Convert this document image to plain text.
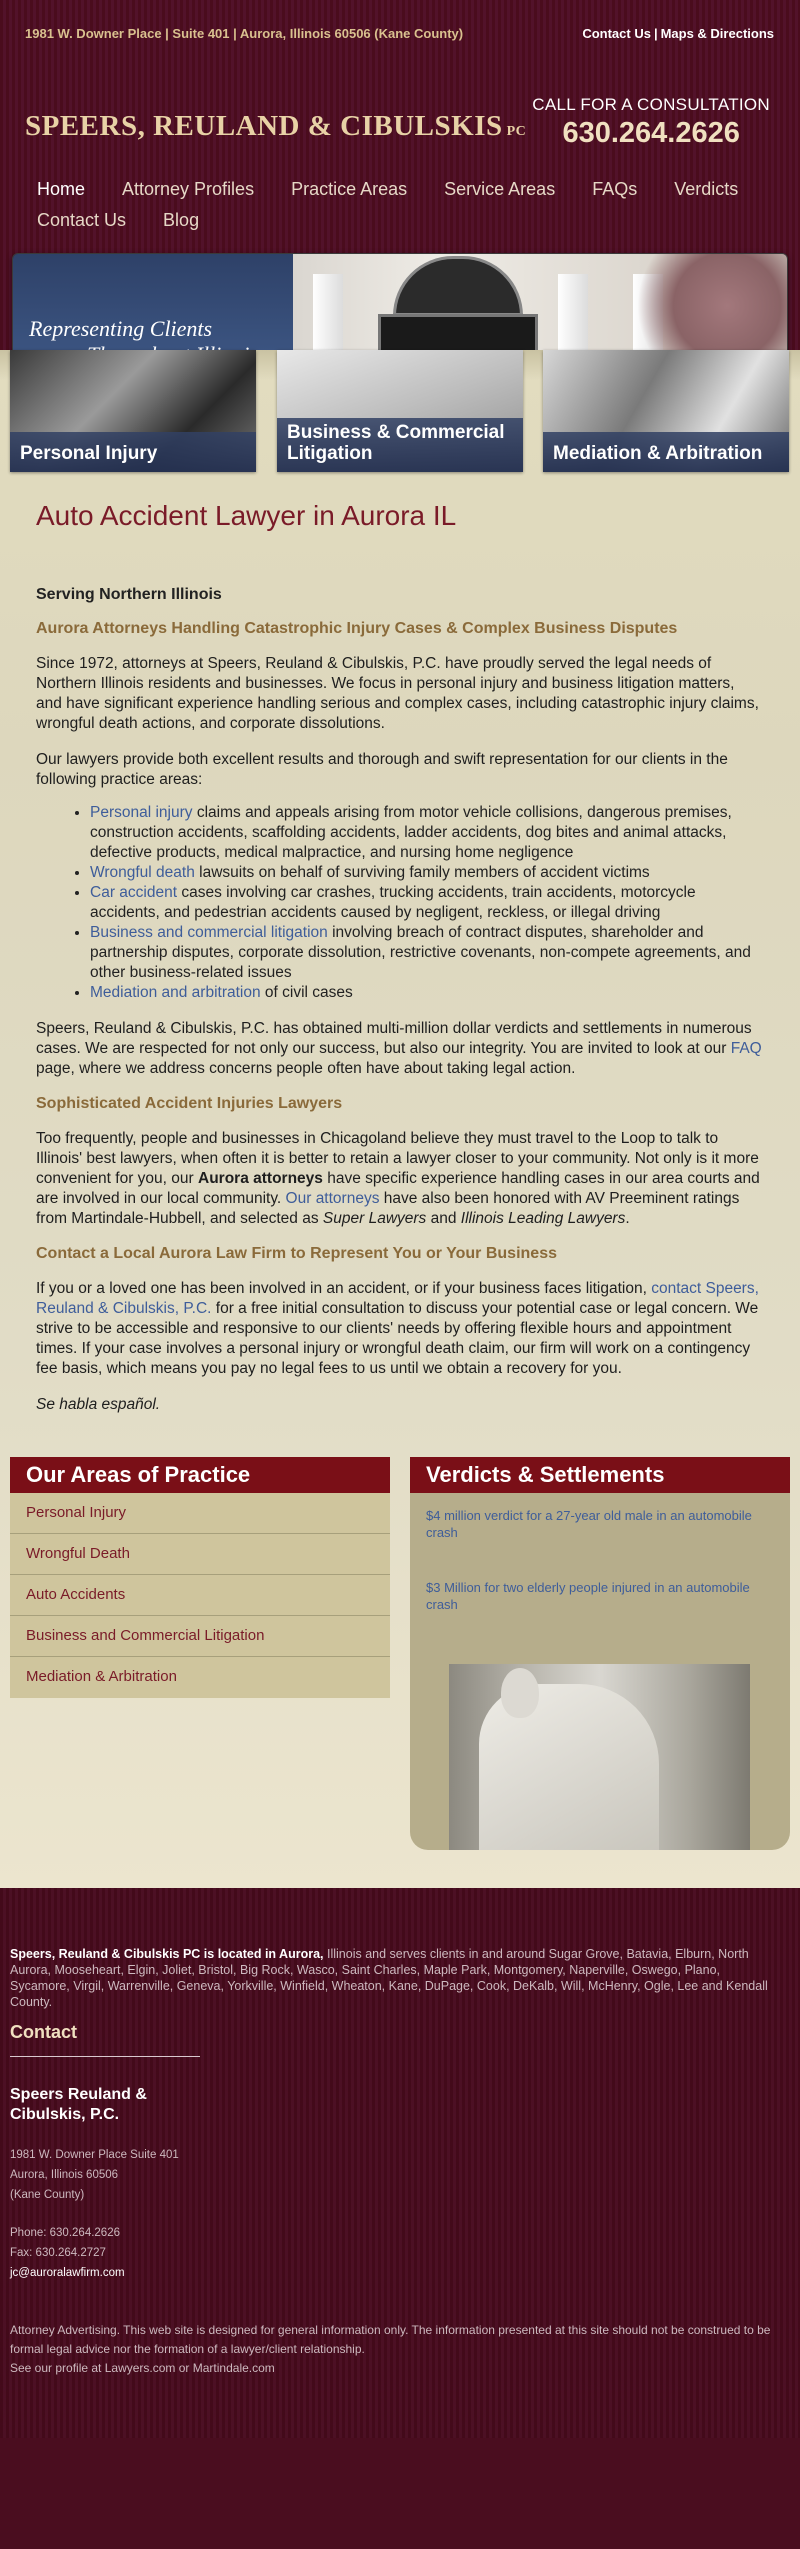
1981 W. Downer Place | Suite 401 | Aurora, Illinois 60506 (Kane County)	Contact Us | Maps & Directions
SPEERS, REULAND & CIBULSKIS PC
CALL FOR A CONSULTATION
630.264.2626
Home Attorney Profiles Practice Areas Service Areas FAQs Verdicts
Contact Us Blog
Representing Clients
Personal Injury
Business & Commercial Litigation	Mediation & Arbitration
Auto Accident Lawyer in Aurora IL
Serving Northern Illinois
Aurora Attorneys Handling Catastrophic Injury Cases & Complex Business Disputes

Since 1972, attorneys at Speers, Reuland & Cibulskis, P.C. have proudly served the legal needs of Northern Illinois residents and businesses. We focus in personal injury and business litigation matters, and have significant experience handling serious and complex cases, including catastrophic injury claims, wrongful death actions, and corporate dissolutions.

Our lawyers provide both excellent results and thorough and swift representation for our clients in the following practice areas:

• Personal injury claims and appeals arising from motor vehicle collisions, dangerous premises, construction accidents, scaffolding accidents, ladder accidents, dog bites and animal attacks, defective products, medical malpractice, and nursing home negligence
• Wrongful death lawsuits on behalf of surviving family members of accident victims
• Car accident cases involving car crashes, trucking accidents, train accidents, motorcycle accidents, and pedestrian accidents caused by negligent, reckless, or illegal driving
• Business and commercial litigation involving breach of contract disputes, shareholder and partnership disputes, corporate dissolution, restrictive covenants, non-compete agreements, and other business-related issues
• Mediation and arbitration of civil cases

Speers, Reuland & Cibulskis, P.C. has obtained multi-million dollar verdicts and settlements in numerous cases. We are respected for not only our success, but also our integrity. You are invited to look at our FAQ page, where we address concerns people often have about taking legal action.

Sophisticated Accident Injuries Lawyers

Too frequently, people and businesses in Chicagoland believe they must travel to the Loop to talk to Illinois' best lawyers, when often it is better to retain a lawyer closer to your community. Not only is it more convenient for you, our Aurora attorneys have specific experience handling cases in our area courts and are involved in our local community. Our attorneys have also been honored with AV Preeminent ratings from Martindale-Hubbell, and selected as Super Lawyers and Illinois Leading Lawyers.

Contact a Local Aurora Law Firm to Represent You or Your Business

If you or a loved one has been involved in an accident, or if your business faces litigation, contact Speers, Reuland & Cibulskis, P.C. for a free initial consultation to discuss your potential case or legal concern. We strive to be accessible and responsive to our clients' needs by offering flexible hours and appointment times. If your case involves a personal injury or wrongful death claim, our firm will work on a contingency fee basis, which means you pay no legal fees to us until we obtain a recovery for you.

Se habla español.

Our Areas of Practice
Personal Injury
Wrongful Death
Auto Accidents
Business and Commercial Litigation
Mediation & Arbitration
Verdicts & Settlements
$4 million verdict for a 27-year old male in an automobile crash
$3 Million for two elderly people injured in an automobile crash
Speers, Reuland & Cibulskis PC is located in Aurora, Illinois and serves clients in and around Sugar Grove, Batavia, Elburn, North Aurora, Mooseheart, Elgin, Joliet, Bristol, Big Rock, Wasco, Saint Charles, Maple Park, Montgomery, Naperville, Oswego, Plano, Sycamore, Virgil, Warrenville, Geneva, Yorkville, Winfield, Wheaton, Kane, DuPage, Cook, DeKalb, Will, McHenry, Ogle, Lee and Kendall County.
Contact
Speers Reuland &
Cibulskis, P.C.
1981 W. Downer Place Suite 401
Aurora, Illinois 60506
(Kane County)
Phone: 630.264.2626
Fax: 630.264.2727
jc@auroralawfirm.com
Attorney Advertising. This web site is designed for general information only. The information presented at this site should not be construed to be formal legal advice nor the formation of a lawyer/client relationship.
See our profile at Lawyers.com or Martindale.com
